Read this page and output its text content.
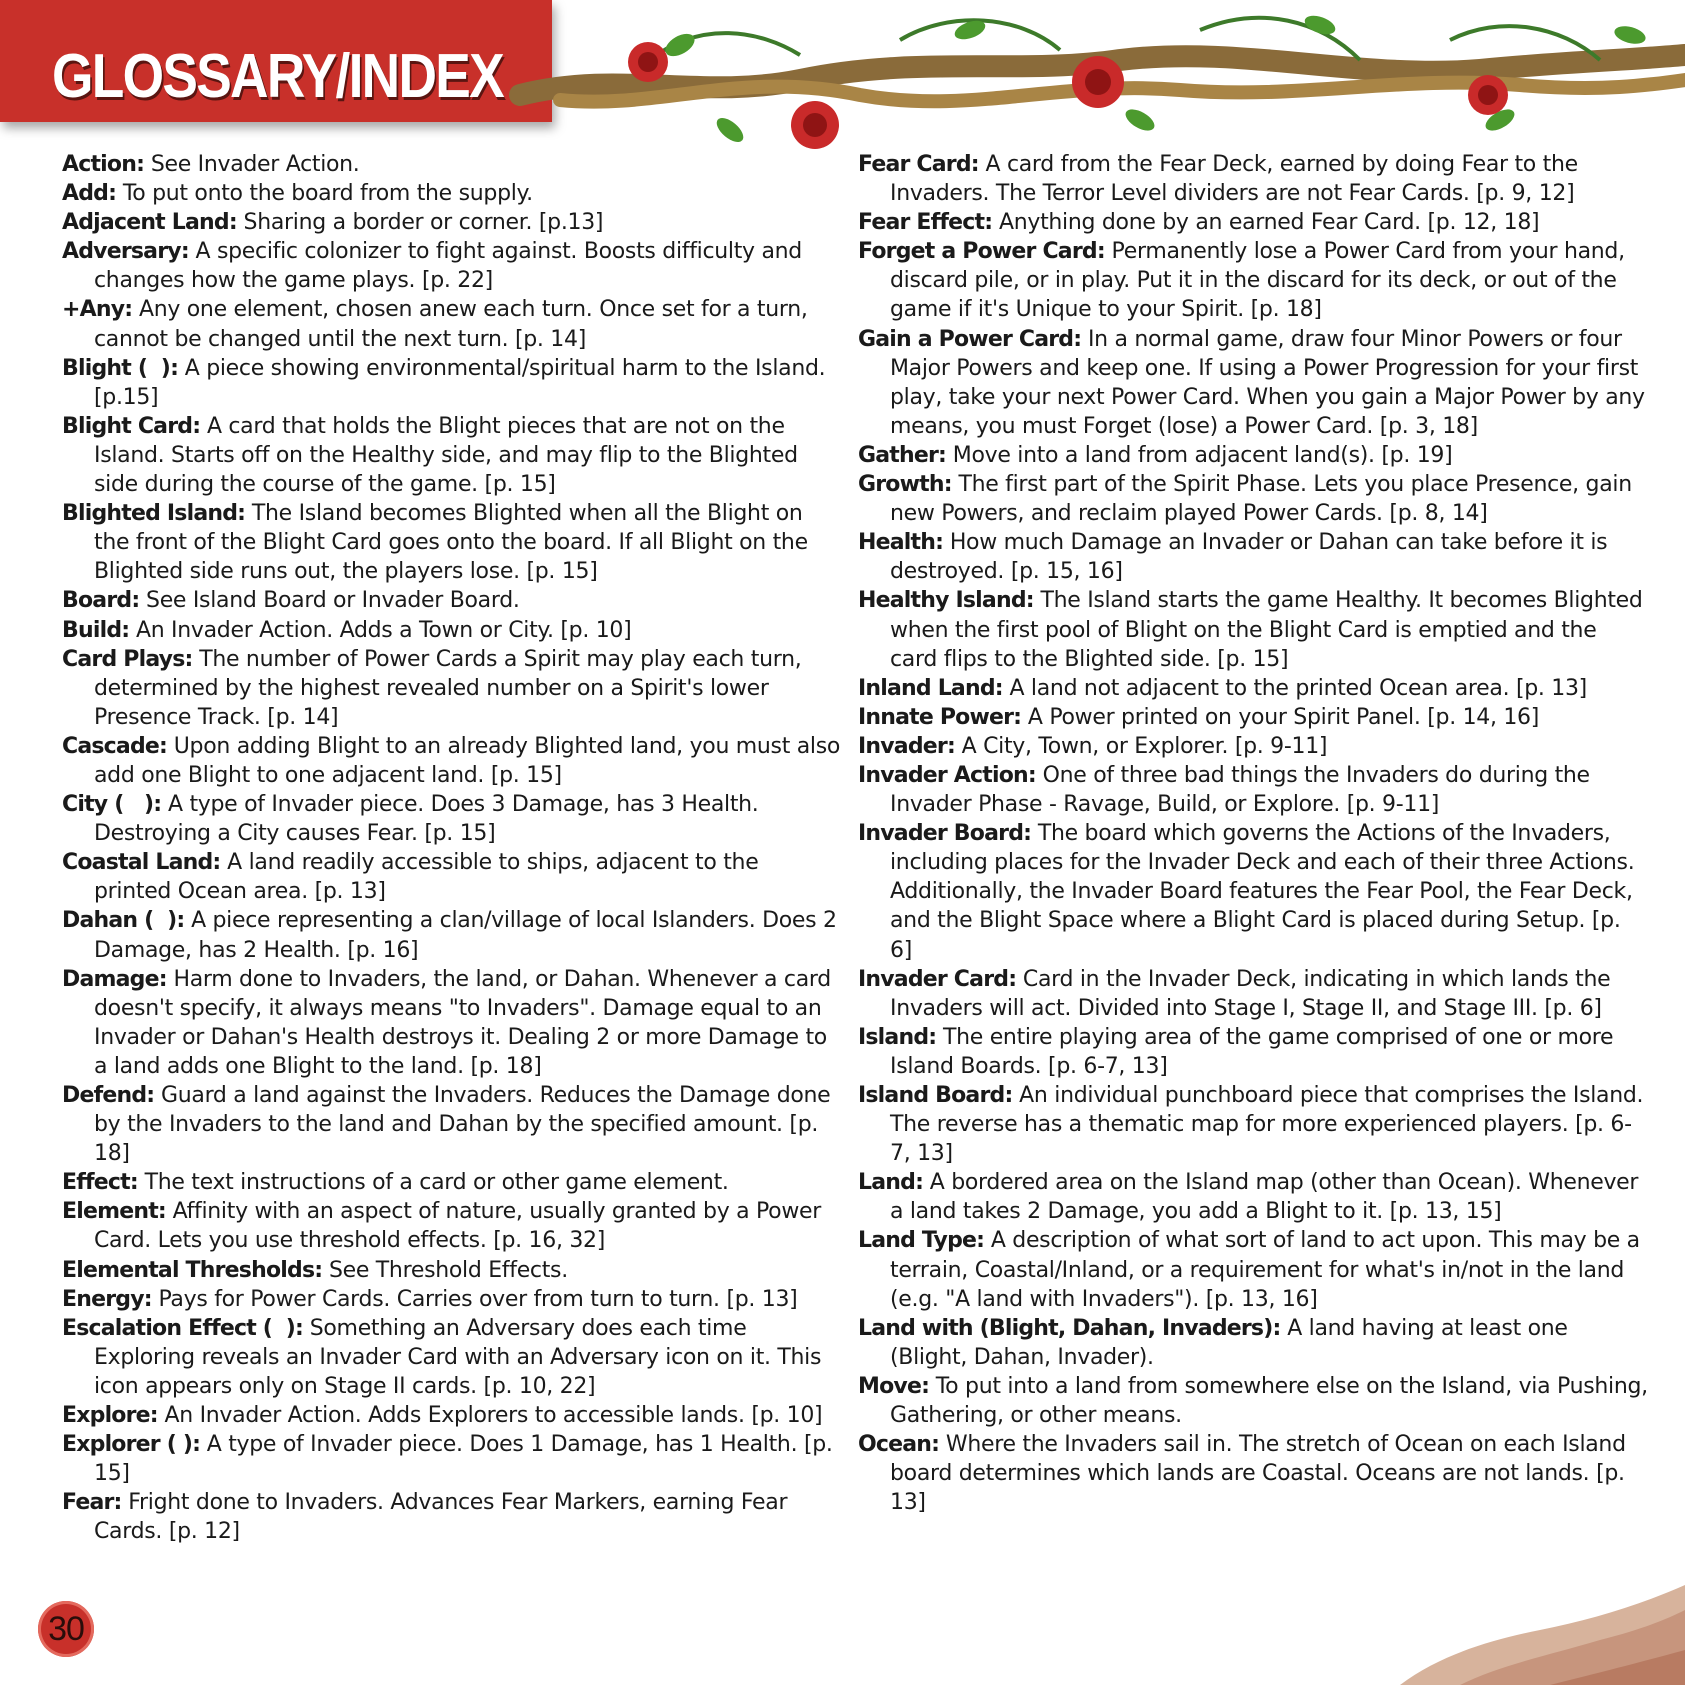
GLOSSARY/INDEX
Action: See Invader Action.
Add: To put onto the board from the supply.
Adjacent Land: Sharing a border or corner. [p.13]
Adversary: A specific colonizer to fight against. Boosts difficulty and changes how the game plays. [p. 22]
+Any: Any one element, chosen anew each turn. Once set for a turn, cannot be changed until the next turn. [p. 14]
Blight (  ): A piece showing environmental/spiritual harm to the Island. [p.15]
Blight Card: A card that holds the Blight pieces that are not on the Island. Starts off on the Healthy side, and may flip to the Blighted side during the course of the game. [p. 15]
Blighted Island: The Island becomes Blighted when all the Blight on the front of the Blight Card goes onto the board. If all Blight on the Blighted side runs out, the players lose. [p. 15]
Board: See Island Board or Invader Board.
Build: An Invader Action. Adds a Town or City. [p. 10]
Card Plays: The number of Power Cards a Spirit may play each turn, determined by the highest revealed number on a Spirit's lower Presence Track. [p. 14]
Cascade: Upon adding Blight to an already Blighted land, you must also add one Blight to one adjacent land. [p. 15]
City (   ): A type of Invader piece. Does 3 Damage, has 3 Health. Destroying a City causes Fear. [p. 15]
Coastal Land: A land readily accessible to ships, adjacent to the printed Ocean area. [p. 13]
Dahan (  ): A piece representing a clan/village of local Islanders. Does 2 Damage, has 2 Health. [p. 16]
Damage: Harm done to Invaders, the land, or Dahan. Whenever a card doesn't specify, it always means "to Invaders". Damage equal to an Invader or Dahan's Health destroys it. Dealing 2 or more Damage to a land adds one Blight to the land. [p. 18]
Defend: Guard a land against the Invaders. Reduces the Damage done by the Invaders to the land and Dahan by the specified amount. [p. 18]
Effect: The text instructions of a card or other game element.
Element: Affinity with an aspect of nature, usually granted by a Power Card. Lets you use threshold effects. [p. 16, 32]
Elemental Thresholds: See Threshold Effects.
Energy: Pays for Power Cards. Carries over from turn to turn. [p. 13]
Escalation Effect (  ): Something an Adversary does each time Exploring reveals an Invader Card with an Adversary icon on it. This icon appears only on Stage II cards. [p. 10, 22]
Explore: An Invader Action. Adds Explorers to accessible lands. [p. 10]
Explorer ( ): A type of Invader piece. Does 1 Damage, has 1 Health. [p. 15]
Fear: Fright done to Invaders. Advances Fear Markers, earning Fear Cards. [p. 12]
Fear Card: A card from the Fear Deck, earned by doing Fear to the Invaders. The Terror Level dividers are not Fear Cards. [p. 9, 12]
Fear Effect: Anything done by an earned Fear Card. [p. 12, 18]
Forget a Power Card: Permanently lose a Power Card from your hand, discard pile, or in play. Put it in the discard for its deck, or out of the game if it's Unique to your Spirit. [p. 18]
Gain a Power Card: In a normal game, draw four Minor Powers or four Major Powers and keep one. If using a Power Progression for your first play, take your next Power Card. When you gain a Major Power by any means, you must Forget (lose) a Power Card. [p. 3, 18]
Gather: Move into a land from adjacent land(s). [p. 19]
Growth: The first part of the Spirit Phase. Lets you place Presence, gain new Powers, and reclaim played Power Cards. [p. 8, 14]
Health: How much Damage an Invader or Dahan can take before it is destroyed. [p. 15, 16]
Healthy Island: The Island starts the game Healthy. It becomes Blighted when the first pool of Blight on the Blight Card is emptied and the card flips to the Blighted side. [p. 15]
Inland Land: A land not adjacent to the printed Ocean area. [p. 13]
Innate Power: A Power printed on your Spirit Panel. [p. 14, 16]
Invader: A City, Town, or Explorer. [p. 9-11]
Invader Action: One of three bad things the Invaders do during the Invader Phase - Ravage, Build, or Explore. [p. 9-11]
Invader Board: The board which governs the Actions of the Invaders, including places for the Invader Deck and each of their three Actions. Additionally, the Invader Board features the Fear Pool, the Fear Deck, and the Blight Space where a Blight Card is placed during Setup. [p. 6]
Invader Card: Card in the Invader Deck, indicating in which lands the Invaders will act. Divided into Stage I, Stage II, and Stage III. [p. 6]
Island: The entire playing area of the game comprised of one or more Island Boards. [p. 6-7, 13]
Island Board: An individual punchboard piece that comprises the Island. The reverse has a thematic map for more experienced players. [p. 6-7, 13]
Land: A bordered area on the Island map (other than Ocean). Whenever a land takes 2 Damage, you add a Blight to it. [p. 13, 15]
Land Type: A description of what sort of land to act upon. This may be a terrain, Coastal/Inland, or a requirement for what's in/not in the land (e.g. "A land with Invaders"). [p. 13, 16]
Land with (Blight, Dahan, Invaders): A land having at least one (Blight, Dahan, Invader).
Move: To put into a land from somewhere else on the Island, via Pushing, Gathering, or other means.
Ocean: Where the Invaders sail in. The stretch of Ocean on each Island board determines which lands are Coastal. Oceans are not lands. [p. 13]
30
